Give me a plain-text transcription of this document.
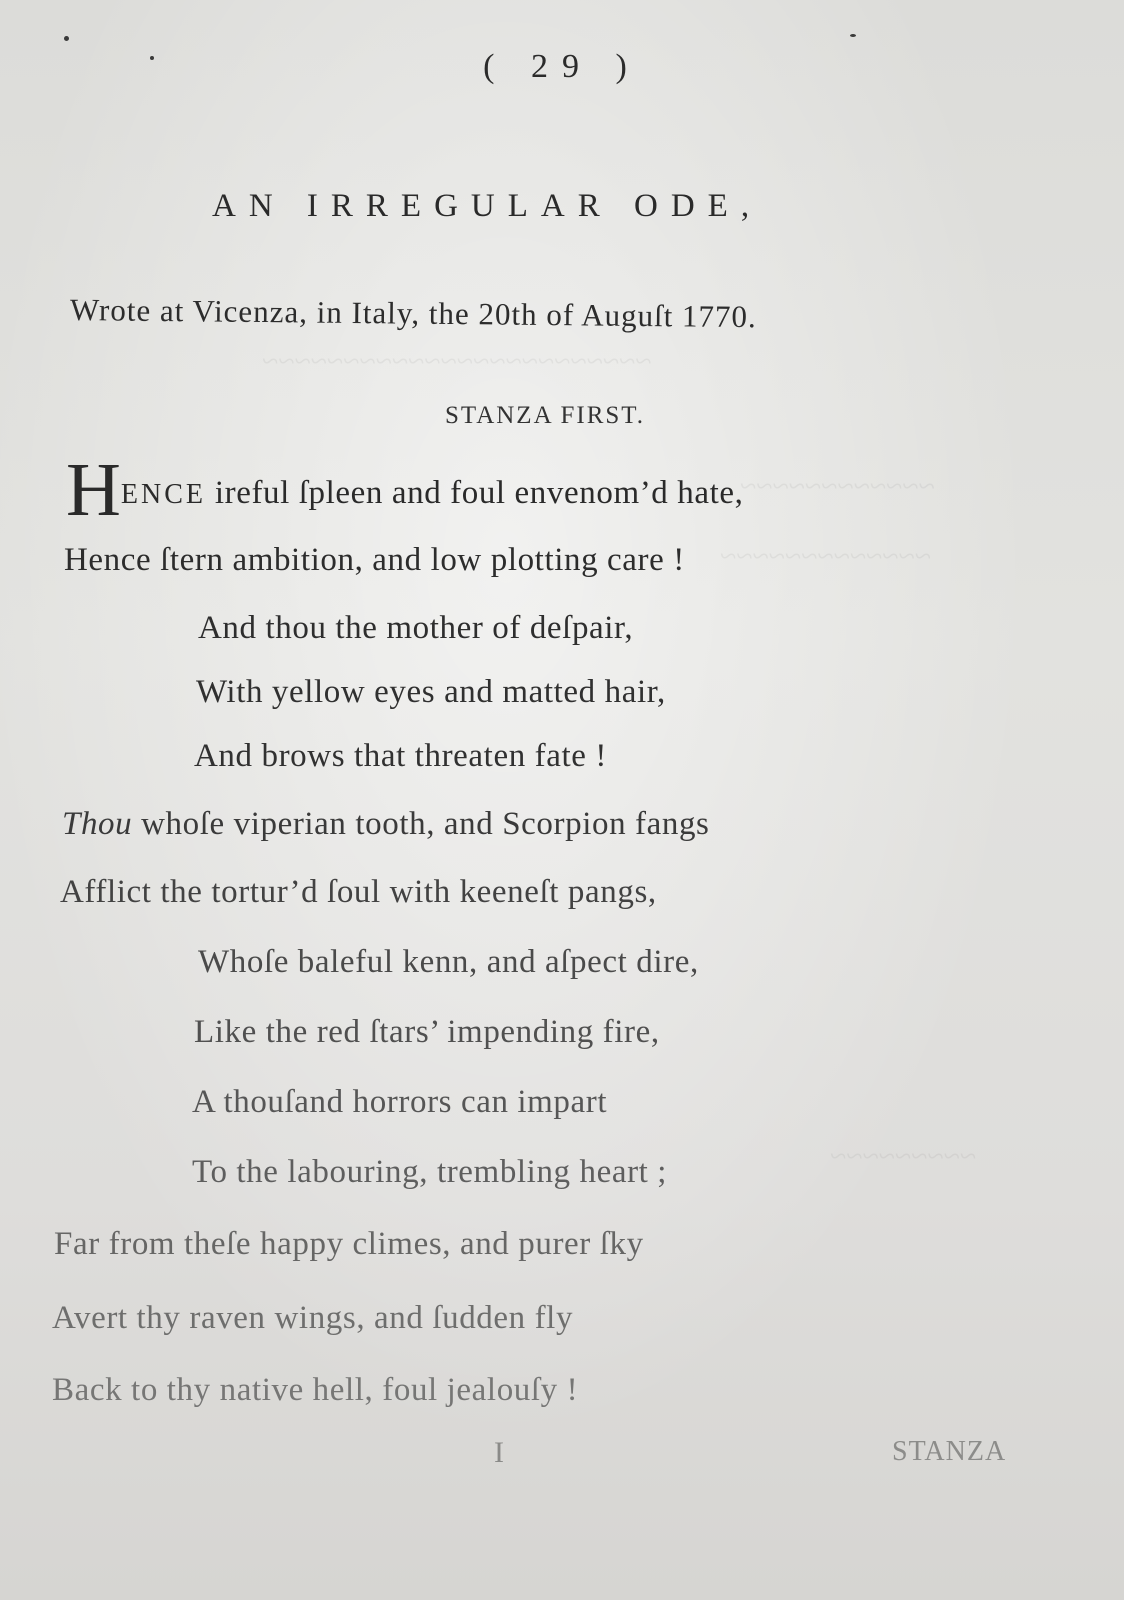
~~~~~~~~~~~~~~~~~~~~~~~~
~~~~~~~~~~~~
~~~~~~~~~~~~~
~~~~~~~~~
( 29 )
AN IRREGULAR ODE,
Wrote at Vicenza, in Italy, the 20th of Auguſt 1770.
STANZA FIRST.
HENCE ireful ſpleen and foul envenom’d hate,
Hence ſtern ambition, and low plotting care !
And thou the mother of deſpair,
With yellow eyes and matted hair,
And brows that threaten fate !
Thou whoſe viperian tooth, and Scorpion fangs
Afflict the tortur’d ſoul with keeneſt pangs,
Whoſe baleful kenn, and aſpect dire,
Like the red ſtars’ impending fire,
A thouſand horrors can impart
To the labouring, trembling heart ;
Far from theſe happy climes, and purer ſky
Avert thy raven wings, and ſudden fly
Back to thy native hell, foul jealouſy !
I	STANZA
